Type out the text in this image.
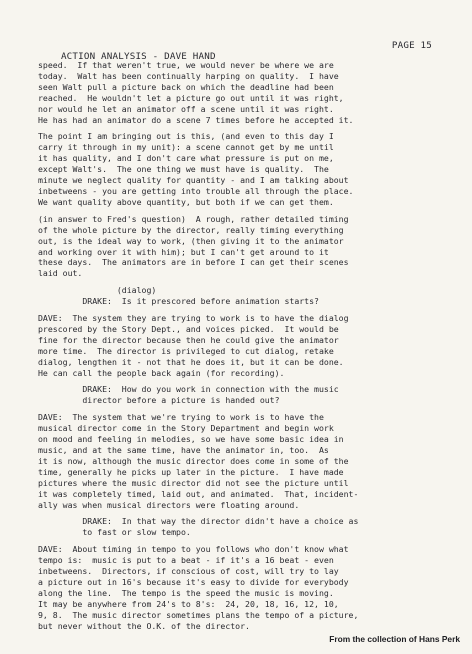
ACTION ANALYSIS - DAVE HAND

PAGE 15

speed.  If that weren't true, we would never be where we are
today.  Walt has been continually harping on quality.  I have
seen Walt pull a picture back on which the deadline had been
reached.  He wouldn't let a picture go out until it was right,
nor would he let an animator off a scene until it was right.
He has had an animator do a scene 7 times before he accepted it.
The point I am bringing out is this, (and even to this day I
carry it through in my unit): a scene cannot get by me until
it has quality, and I don't care what pressure is put on me,
except Walt's.  The one thing we must have is quality.  The
minute we neglect quality for quantity - and I am talking about
inbetweens - you are getting into trouble all through the place.
We want quality above quantity, but both if we can get them.
(in answer to Fred's question)  A rough, rather detailed timing
of the whole picture by the director, really timing everything
out, is the ideal way to work, (then giving it to the animator
and working over it with him); but I can't get around to it
these days.  The animators are in before I can get their scenes
laid out.
(dialog)
DRAKE:  Is it prescored before animation starts?
DAVE:  The system they are trying to work is to have the dialog
prescored by the Story Dept., and voices picked.  It would be
fine for the director because then he could give the animator
more time.  The director is privileged to cut dialog, retake
dialog, lengthen it - not that he does it, but it can be done.
He can call the people back again (for recording).
DRAKE:  How do you work in connection with the music
director before a picture is handed out?
DAVE:  The system that we're trying to work is to have the
musical director come in the Story Department and begin work
on mood and feeling in melodies, so we have some basic idea in
music, and at the same time, have the animator in, too.  As
it is now, although the music director does come in some of the
time, generally he picks up later in the picture.  I have made
pictures where the music director did not see the picture until
it was completely timed, laid out, and animated.  That, incident-
ally was when musical directors were floating around.
DRAKE:  In that way the director didn't have a choice as
to fast or slow tempo.
DAVE:  About timing in tempo to you follows who don't know what
tempo is:  music is put to a beat - if it's a 16 beat - even
inbetweens.  Directors, if conscious of cost, will try to lay
a picture out in 16's because it's easy to divide for everybody
along the line.  The tempo is the speed the music is moving.
It may be anywhere from 24's to 8's:  24, 20, 18, 16, 12, 10,
9, 8.  The music director sometimes plans the tempo of a picture,
but never without the O.K. of the director.
From the collection of Hans Perk
